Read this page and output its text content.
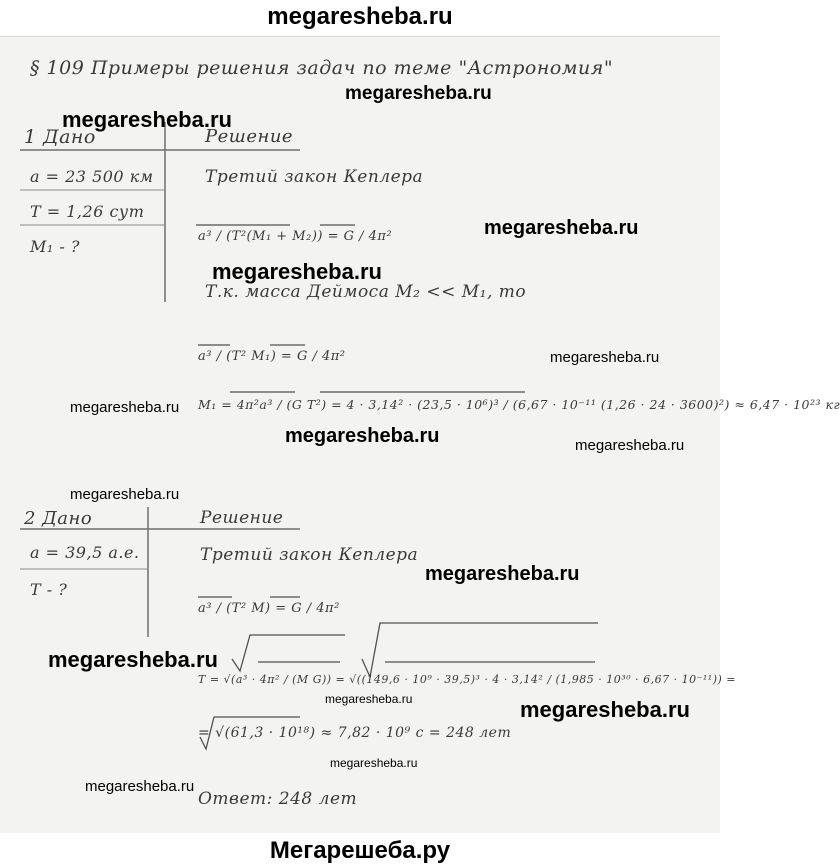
megaresheba.ru
§ 109 Примеры решения задач по теме "Астрономия"
1 Дано	Решение
a = 23 500 км
T = 1,26 сут
M₁ - ?
Третий закон Кеплера
a³ / (T²(M₁ + M₂)) = G / 4π²
Т.к. масса Деймоса M₂ << M₁, то
a³ / (T² M₁) = G / 4π²
M₁ = 4π²a³ / (G T²) = 4 · 3,14² · (23,5 · 10⁶)³ / (6,67 · 10⁻¹¹ (1,26 · 24 · 3600)²) ≈ 6,47 · 10²³ кг
2 Дано	Решение
a = 39,5 а.е.
T - ?
Третий закон Кеплера
a³ / (T² M) = G / 4π²
T = √(a³ · 4π² / (M G)) = √((149,6 · 10⁹ · 39,5)³ · 4 · 3,14² / (1,985 · 10³⁰ · 6,67 · 10⁻¹¹)) =
= √(61,3 · 10¹⁸) ≈ 7,82 · 10⁹ с = 248 лет
Ответ: 248 лет
megaresheba.ru
megaresheba.ru
megaresheba.ru
megaresheba.ru
megaresheba.ru
megaresheba.ru
megaresheba.ru	megaresheba.ru
megaresheba.ru
megaresheba.ru
megaresheba.ru
megaresheba.ru	megaresheba.ru
megaresheba.ru
megaresheba.ru
Мегарешеба.ру
